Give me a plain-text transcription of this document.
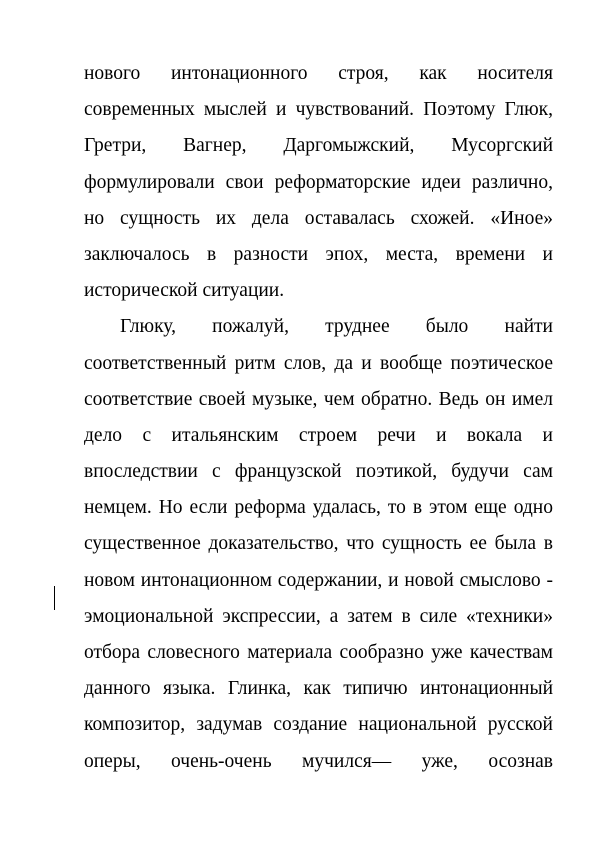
нового интонационного строя, как носителя
современных мыслей и чувствований. Поэтому Глюк,
Гретри, Вагнер, Даргомыжский, Мусоргский
формулировали свои реформаторские идеи различно,
но сущность их дела оставалась схожей. «Иное»
заключалось в разности эпох, места, времени и
исторической ситуации.
Глюку, пожалуй, труднее было найти
соответственный ритм слов, да и вообще поэтическое
соответствие своей музыке, чем обратно. Ведь он имел
дело с итальянским строем речи и вокала и
впоследствии с французской поэтикой, будучи сам
немцем. Но если реформа удалась, то в этом еще одно
существенное доказательство, что сущность ее была в
новом интонационном содержании, и новой смыслово -
эмоциональной экспрессии, а затем в силе «техники»
отбора словесного материала сообразно уже качествам
данного языка. Глинка, как типичю интонационный
композитор, задумав создание национальной русской
оперы, очень-очень мучился— уже, осознав
